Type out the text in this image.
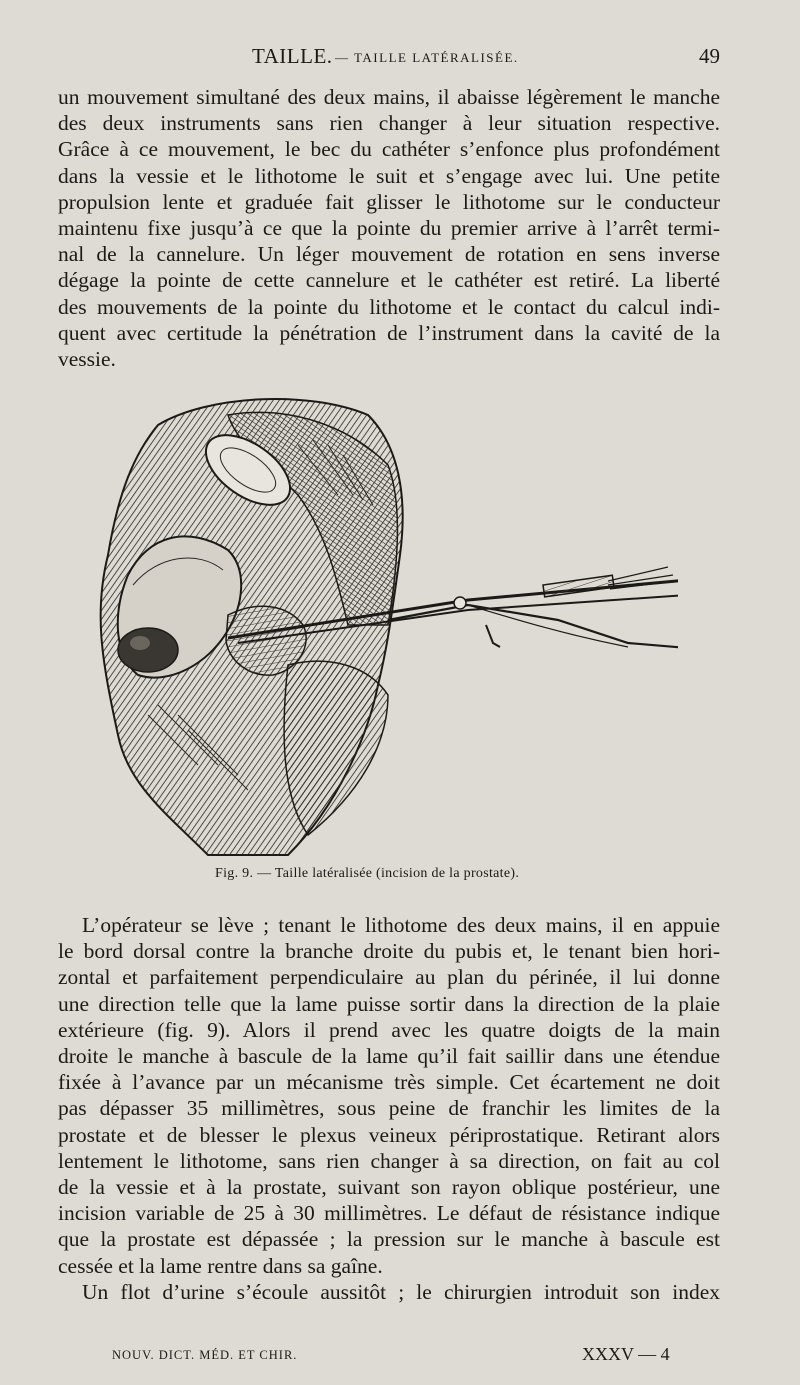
TAILLE. — TAILLE LATÉRALISÉE.	49
un mouvement simultané des deux mains, il abaisse légèrement le manche
des deux instruments sans rien changer à leur situation respective.
Grâce à ce mouvement, le bec du cathéter s’enfonce plus profondément
dans la vessie et le lithotome le suit et s’engage avec lui. Une petite
propulsion lente et graduée fait glisser le lithotome sur le conducteur
maintenu fixe jusqu’à ce que la pointe du premier arrive à l’arrêt termi-
nal de la cannelure. Un léger mouvement de rotation en sens inverse
dégage la pointe de cette cannelure et le cathéter est retiré. La liberté
des mouvements de la pointe du lithotome et le contact du calcul indi-
quent avec certitude la pénétration de l’instrument dans la cavité de la
vessie.
Fig. 9. — Taille latéralisée (incision de la prostate).
L’opérateur se lève ; tenant le lithotome des deux mains, il en appuie
le bord dorsal contre la branche droite du pubis et, le tenant bien hori-
zontal et parfaitement perpendiculaire au plan du périnée, il lui donne
une direction telle que la lame puisse sortir dans la direction de la plaie
extérieure (fig. 9). Alors il prend avec les quatre doigts de la main
droite le manche à bascule de la lame qu’il fait saillir dans une étendue
fixée à l’avance par un mécanisme très simple. Cet écartement ne doit
pas dépasser 35 millimètres, sous peine de franchir les limites de la
prostate et de blesser le plexus veineux périprostatique. Retirant alors
lentement le lithotome, sans rien changer à sa direction, on fait au col
de la vessie et à la prostate, suivant son rayon oblique postérieur, une
incision variable de 25 à 30 millimètres. Le défaut de résistance indique
que la prostate est dépassée ; la pression sur le manche à bascule est
cessée et la lame rentre dans sa gaîne.
Un flot d’urine s’écoule aussitôt ; le chirurgien introduit son index
NOUV. DICT. MÉD. ET CHIR.	XXXV — 4
